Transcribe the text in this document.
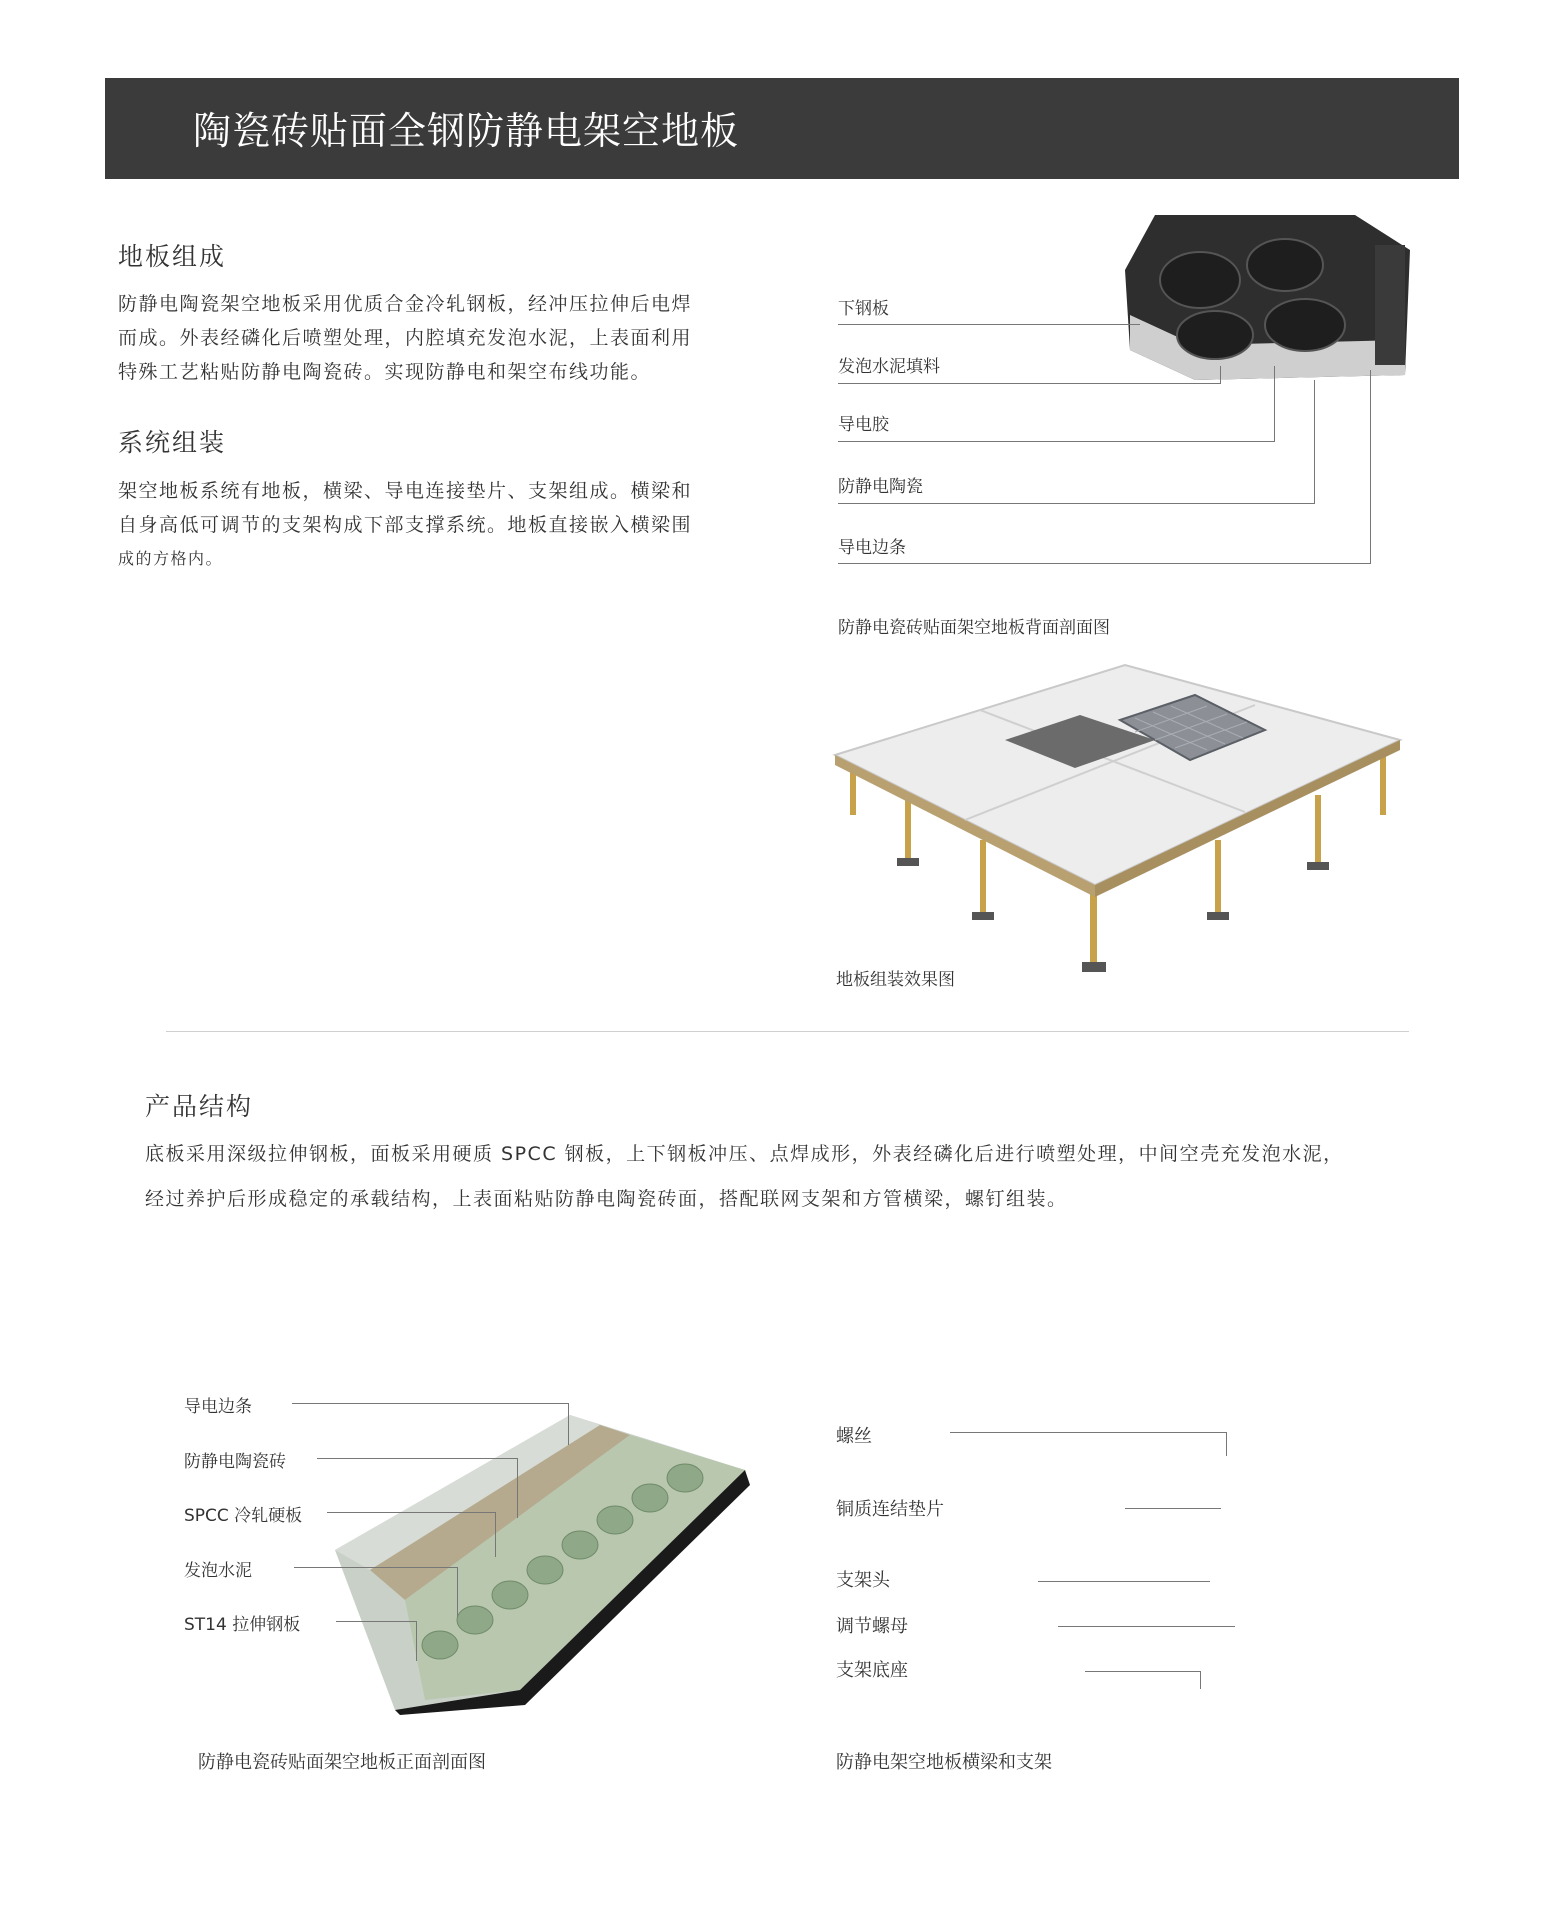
陶瓷砖贴面全钢防静电架空地板
地板组成
防静电陶瓷架空地板采用优质合金冷轧钢板，经冲压拉伸后电焊
而成。外表经磷化后喷塑处理，内腔填充发泡水泥，上表面利用
特殊工艺粘贴防静电陶瓷砖。实现防静电和架空布线功能。
系统组装
架空地板系统有地板，横梁、导电连接垫片、支架组成。横梁和
自身高低可调节的支架构成下部支撑系统。地板直接嵌入横梁围
成的方格内。
下钢板
发泡水泥填料
导电胶
防静电陶瓷
导电边条
防静电瓷砖贴面架空地板背面剖面图
地板组装效果图
产品结构
底板采用深级拉伸钢板，面板采用硬质 SPCC 钢板，上下钢板冲压、点焊成形，外表经磷化后进行喷塑处理，中间空壳充发泡水泥，
经过养护后形成稳定的承载结构，上表面粘贴防静电陶瓷砖面，搭配联网支架和方管横梁，螺钉组装。
导电边条
防静电陶瓷砖
SPCC 冷轧硬板
发泡水泥
ST14 拉伸钢板
防静电瓷砖贴面架空地板正面剖面图
螺丝
铜质连结垫片
支架头
调节螺母
支架底座
防静电架空地板横梁和支架
